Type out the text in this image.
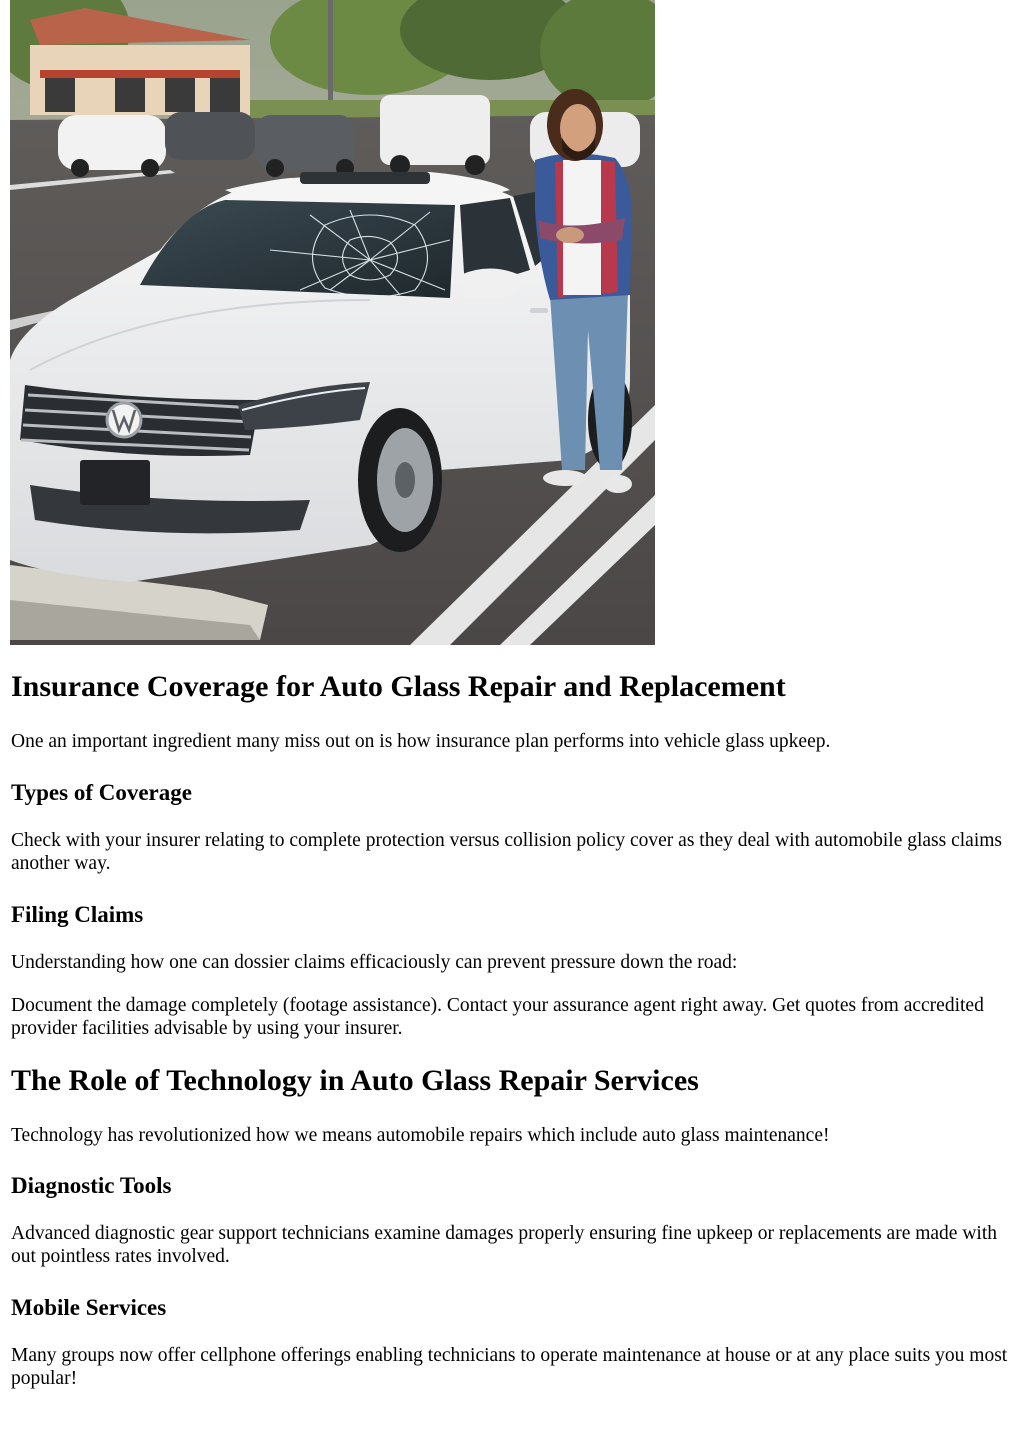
Insurance Coverage for Auto Glass Repair and Replacement

One an important ingredient many miss out on is how insurance plan performs into vehicle glass upkeep.

Types of Coverage

Check with your insurer relating to complete protection versus collision policy cover as they deal with automobile glass claims another way.

Filing Claims

Understanding how one can dossier claims efficaciously can prevent pressure down the road:

Document the damage completely (footage assistance). Contact your assurance agent right away. Get quotes from accredited provider facilities advisable by using your insurer.

The Role of Technology in Auto Glass Repair Services

Technology has revolutionized how we means automobile repairs which include auto glass maintenance!

Diagnostic Tools

Advanced diagnostic gear support technicians examine damages properly ensuring fine upkeep or replacements are made with out pointless rates involved.

Mobile Services

Many groups now offer cellphone offerings enabling technicians to operate maintenance at house or at any place suits you most popular!
